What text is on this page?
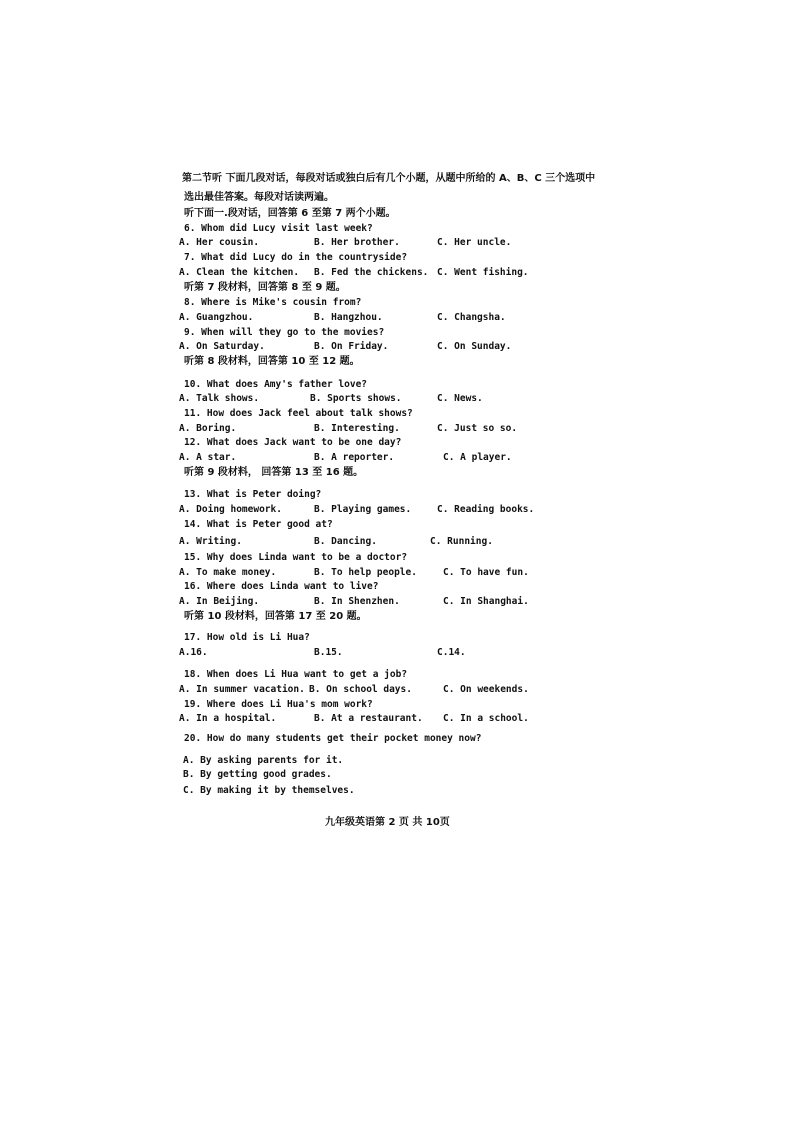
第二节听 下面几段对话，每段对话或独白后有几个小题，从题中所给的 A、B、C 三个选项中
选出最佳答案。每段对话读两遍。
听下面一.段对话，回答第 6 至第 7 两个小题。
6. Whom did Lucy visit last week?
A. Her cousin.	B. Her brother.	C. Her uncle.
7. What did Lucy do in the countryside?
A. Clean the kitchen. B. Fed the chickens. C. Went fishing.
听第 7 段材料，回答第 8 至 9 题。
8. Where is Mike's cousin from?
A. Guangzhou.	B. Hangzhou.	C. Changsha.
9. When will they go to the movies?
A. On Saturday.	B. On Friday.	C. On Sunday.
听第 8 段材料，回答第 10 至 12 题。
10. What does Amy's father love?
A. Talk shows.	B. Sports shows.	C. News.
11. How does Jack feel about talk shows?
A. Boring.	B. Interesting.	C. Just so so.
12. What does Jack want to be one day?
A. A star.	B. A reporter.	C. A player.
听第 9 段材料， 回答第 13 至 16 题。
13. What is Peter doing?
A. Doing homework.	B. Playing games.	C. Reading books.
14. What is Peter good at?
A. Writing.	B. Dancing.	C. Running.
15. Why does Linda want to be a doctor?
A. To make money.	B. To help people.	C. To have fun.
16. Where does Linda want to live?
A. In Beijing.	B. In Shenzhen.	C. In Shanghai.
听第 10 段材料，回答第 17 至 20 题。
17. How old is Li Hua?
A.16.	B.15.	C.14.
18. When does Li Hua want to get a job?
A. In summer vacation. B. On school days.	C. On weekends.
19. Where does Li Hua's mom work?
A. In a hospital.	B. At a restaurant. C. In a school.
20. How do many students get their pocket money now?
A. By asking parents for it.
B. By getting good grades.
C. By making it by themselves.
九年级英语第 2 页 共 10页
